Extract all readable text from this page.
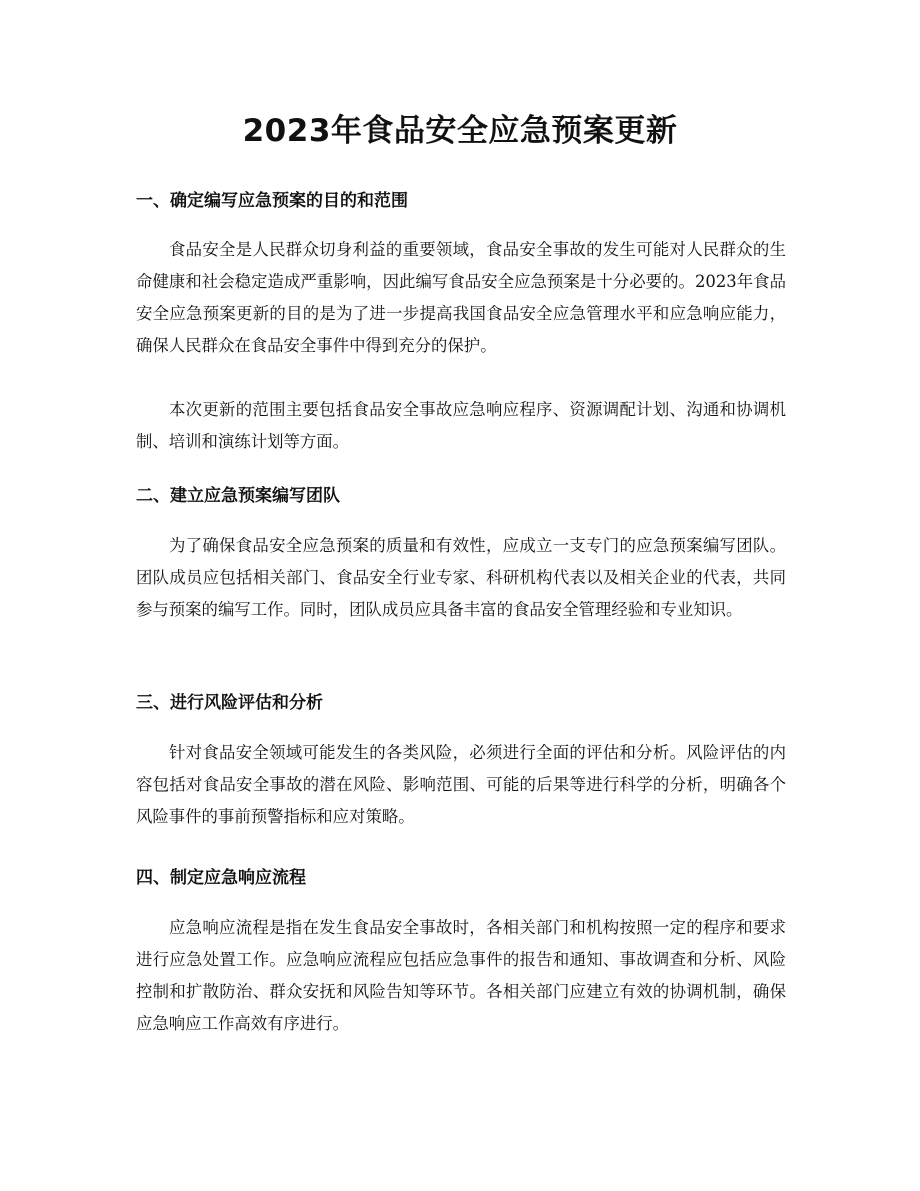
2023年食品安全应急预案更新
一、确定编写应急预案的目的和范围

食品安全是人民群众切身利益的重要领域，食品安全事故的发生可能对人民群众的生命健康和社会稳定造成严重影响，因此编写食品安全应急预案是十分必要的。2023年食品安全应急预案更新的目的是为了进一步提高我国食品安全应急管理水平和应急响应能力，确保人民群众在食品安全事件中得到充分的保护。

本次更新的范围主要包括食品安全事故应急响应程序、资源调配计划、沟通和协调机制、培训和演练计划等方面。

二、建立应急预案编写团队

为了确保食品安全应急预案的质量和有效性，应成立一支专门的应急预案编写团队。团队成员应包括相关部门、食品安全行业专家、科研机构代表以及相关企业的代表，共同参与预案的编写工作。同时，团队成员应具备丰富的食品安全管理经验和专业知识。

三、进行风险评估和分析

针对食品安全领域可能发生的各类风险，必须进行全面的评估和分析。风险评估的内容包括对食品安全事故的潜在风险、影响范围、可能的后果等进行科学的分析，明确各个风险事件的事前预警指标和应对策略。

四、制定应急响应流程

应急响应流程是指在发生食品安全事故时，各相关部门和机构按照一定的程序和要求进行应急处置工作。应急响应流程应包括应急事件的报告和通知、事故调查和分析、风险控制和扩散防治、群众安抚和风险告知等环节。各相关部门应建立有效的协调机制，确保应急响应工作高效有序进行。
